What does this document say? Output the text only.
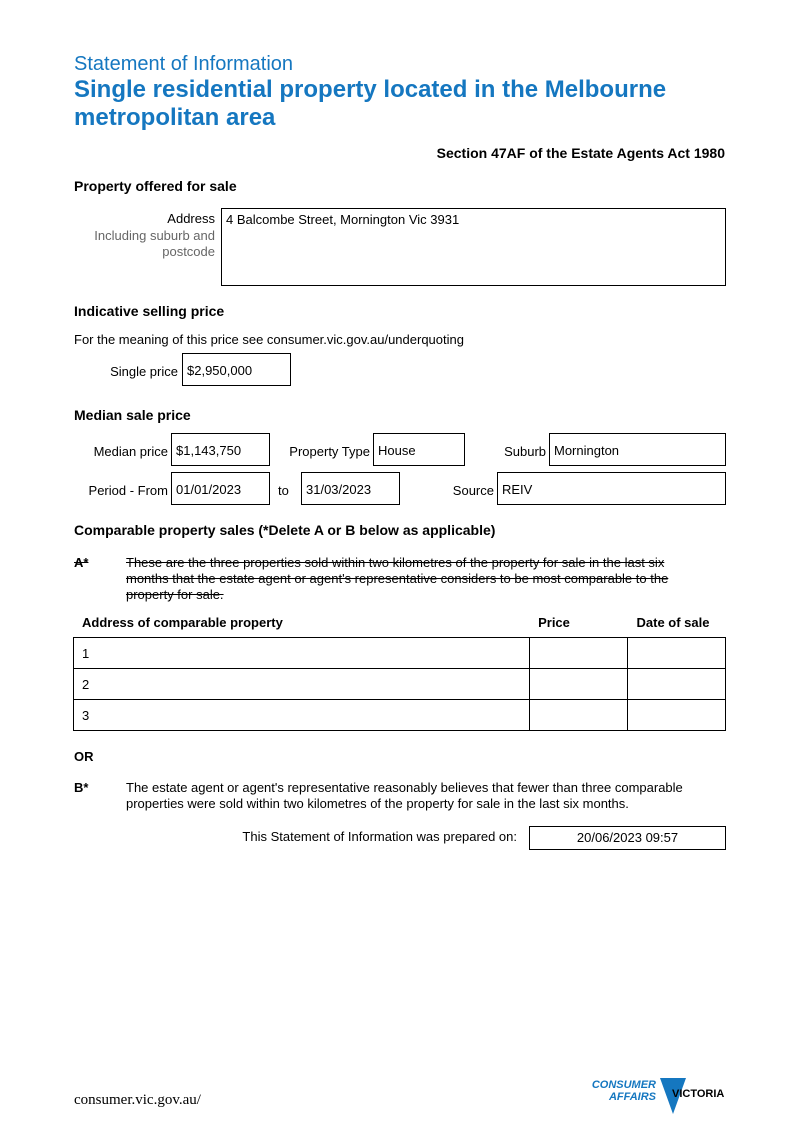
Statement of Information
Single residential property located in the Melbourne
metropolitan area
Section 47AF of the Estate Agents Act 1980
Property offered for sale
Address
Including suburb and
postcode
4 Balcombe Street, Mornington Vic 3931
Indicative selling price
For the meaning of this price see consumer.vic.gov.au/underquoting
Single price $2,950,000
Median sale price
Median price $1,143,750	Property Type House	Suburb Mornington
Period - From 01/01/2023	to	31/03/2023	Source REIV
Comparable property sales (*Delete A or B below as applicable)
A*	These are the three properties sold within two kilometres of the property for sale in the last six
months that the estate agent or agent's representative considers to be most comparable to the
property for sale.
Address of comparable property	Price	Date of sale
1		
2		
3		
OR
B*	The estate agent or agent's representative reasonably believes that fewer than three comparable
properties were sold within two kilometres of the property for sale in the last six months.
This Statement of Information was prepared on:	20/06/2023 09:57
consumer.vic.gov.au/
CONSUMER
AFFAIRS VICTORIA
